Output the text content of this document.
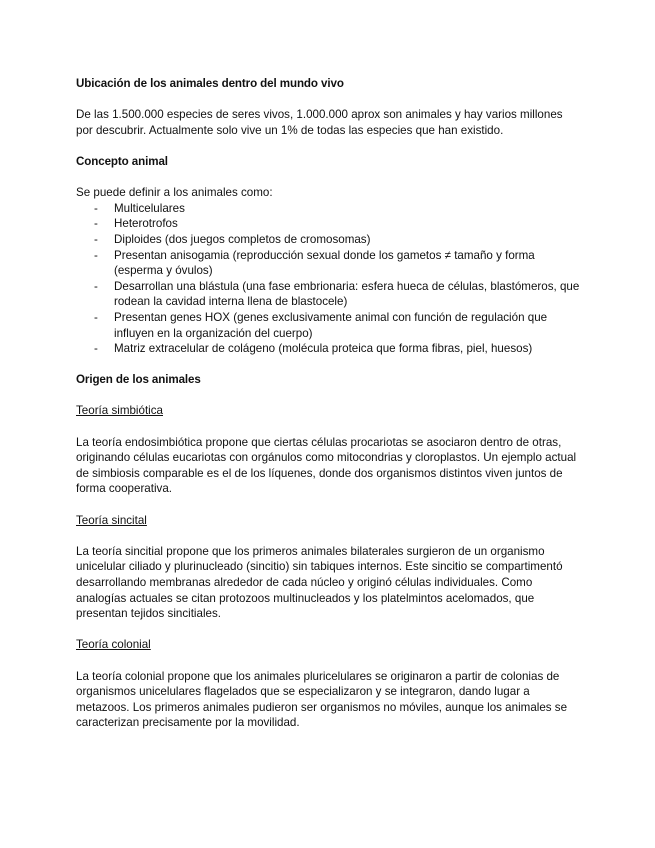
Ubicación de los animales dentro del mundo vivo

De las 1.500.000 especies de seres vivos, 1.000.000 aprox son animales y hay varios millones por descubrir. Actualmente solo vive un 1% de todas las especies que han existido.

Concepto animal

Se puede definir a los animales como:

- Multicelulares
- Heterotrofos
- Diploides (dos juegos completos de cromosomas)
- Presentan anisogamia (reproducción sexual donde los gametos ≠ tamaño y forma (esperma y óvulos)
- Desarrollan una blástula (una fase embrionaria: esfera hueca de células, blastómeros, que rodean la cavidad interna llena de blastocele)
- Presentan genes HOX (genes exclusivamente animal con función de regulación que influyen en la organización del cuerpo)
- Matriz extracelular de colágeno (molécula proteica que forma fibras, piel, huesos)
Origen de los animales
Teoría simbiótica

La teoría endosimbiótica propone que ciertas células procariotas se asociaron dentro de otras, originando células eucariotas con orgánulos como mitocondrias y cloroplastos. Un ejemplo actual de simbiosis comparable es el de los líquenes, donde dos organismos distintos viven juntos de forma cooperativa.

Teoría sincital

La teoría sincitial propone que los primeros animales bilaterales surgieron de un organismo unicelular ciliado y plurinucleado (sincitio) sin tabiques internos. Este sincitio se compartimentó desarrollando membranas alrededor de cada núcleo y originó células individuales. Como analogías actuales se citan protozoos multinucleados y los platelmintos acelomados, que presentan tejidos sincitiales.

Teoría colonial

La teoría colonial propone que los animales pluricelulares se originaron a partir de colonias de organismos unicelulares flagelados que se especializaron y se integraron, dando lugar a metazoos. Los primeros animales pudieron ser organismos no móviles, aunque los animales se caracterizan precisamente por la movilidad.
